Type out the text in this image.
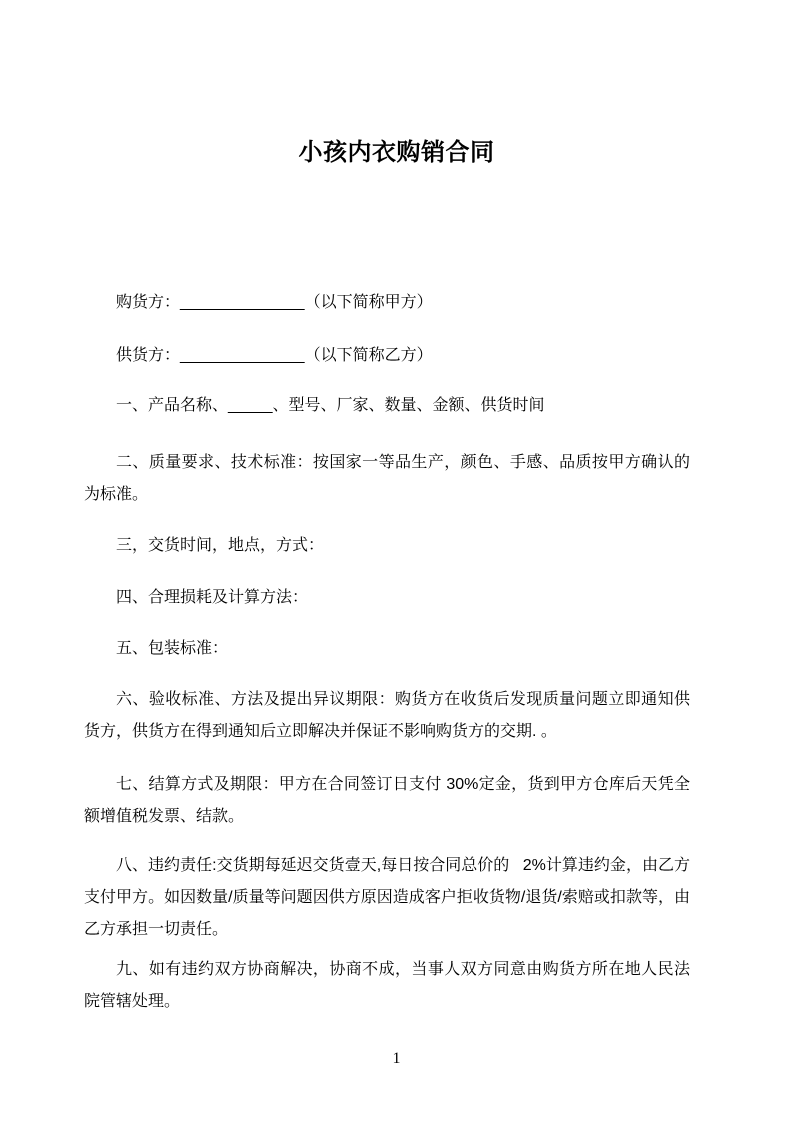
小孩内衣购销合同

购货方：______________（以下简称甲方）

供货方：______________（以下简称乙方）

一、产品名称、_____、型号、厂家、数量、金额、供货时间

二、质量要求、技术标准：按国家一等品生产，颜色、手感、品质按甲方确认的为标准。

三，交货时间，地点，方式：

四、合理损耗及计算方法：

五、包装标准：

六、验收标准、方法及提出异议期限：购货方在收货后发现质量问题立即通知供货方，供货方在得到通知后立即解决并保证不影响购货方的交期. 。

七、结算方式及期限：甲方在合同签订日支付 30%定金，货到甲方仓库后天凭全额增值税发票、结款。

八、违约责任:交货期每延迟交货壹天,每日按合同总价的   2%计算违约金，由乙方支付甲方。如因数量/质量等问题因供方原因造成客户拒收货物/退货/索赔或扣款等，由乙方承担一切责任。

九、如有违约双方协商解决，协商不成，当事人双方同意由购货方所在地人民法院管辖处理。

1
